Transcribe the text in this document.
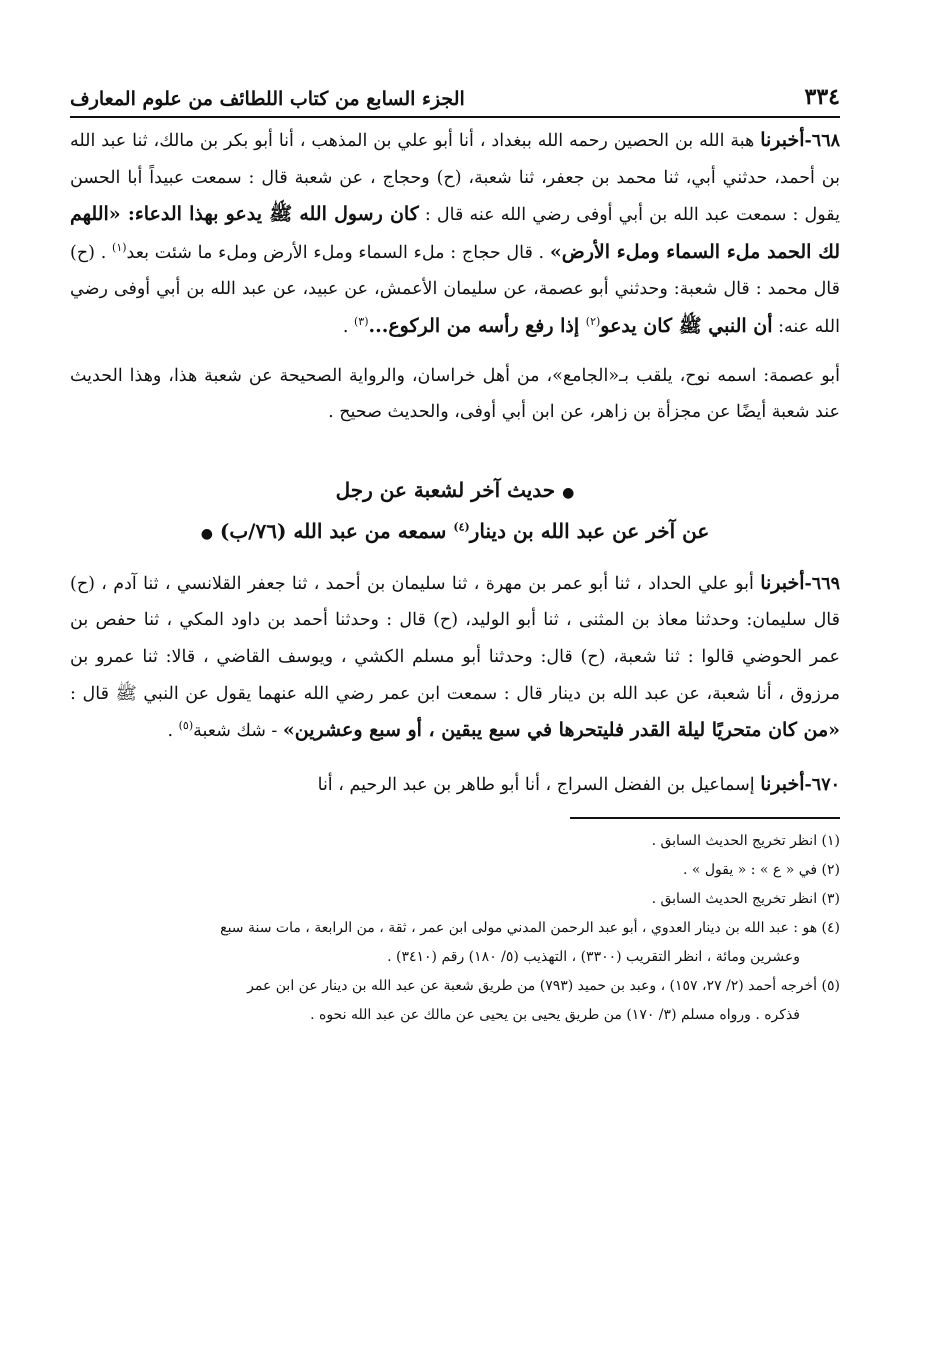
٣٣٤
الجزء السابع من كتاب اللطائف من علوم المعارف

٦٦٨-أخبرنا هبة الله بن الحصين رحمه الله ببغداد ، أنا أبو علي بن المذهب ، أنا أبو بكر بن مالك، ثنا عبد الله بن أحمد، حدثني أبي، ثنا محمد بن جعفر، ثنا شعبة، (ح) وحجاج ، عن شعبة قال : سمعت عبيداً أبا الحسن يقول : سمعت عبد الله بن أبي أوفى رضي الله عنه قال : كان رسول الله ﷺ يدعو بهذا الدعاء: «اللهم لك الحمد ملء السماء وملء الأرض» . قال حجاج : ملء السماء وملء الأرض وملء ما شئت بعد$^{(١)}$ . (ح) قال محمد : قال شعبة: وحدثني أبو عصمة، عن سليمان الأعمش، عن عبيد، عن عبد الله بن أبي أوفى رضي الله عنه: أن النبي ﷺ كان يدعو$^{(٢)}$ إذا رفع رأسه من الركوع...$^{(٣)}$ .

أبو عصمة: اسمه نوح، يلقب بـ«الجامع»، من أهل خراسان، والرواية الصحيحة عن شعبة هذا، وهذا الحديث عند شعبة أيضًا عن مجزأة بن زاهر، عن ابن أبي أوفى، والحديث صحيح .

● حديث آخر لشعبة عن رجل

عن آخر عن عبد الله بن دينار$^{(٤)}$ سمعه من عبد الله (٧٦/ب) ●

٦٦٩-أخبرنا أبو علي الحداد ، ثنا أبو عمر بن مهرة ، ثنا سليمان بن أحمد ، ثنا جعفر القلانسي ، ثنا آدم ، (ح) قال سليمان: وحدثنا معاذ بن المثنى ، ثنا أبو الوليد، (ح) قال : وحدثنا أحمد بن داود المكي ، ثنا حفص بن عمر الحوضي قالوا : ثنا شعبة، (ح) قال: وحدثنا أبو مسلم الكشي ، ويوسف القاضي ، قالا: ثنا عمرو بن مرزوق ، أنا شعبة، عن عبد الله بن دينار قال : سمعت ابن عمر رضي الله عنهما يقول عن النبي ﷺ قال : «من كان متحريًا ليلة القدر فليتحرها في سبع يبقين ، أو سبع وعشرين» - شك شعبة$^{(٥)}$ .

٦٧٠-أخبرنا إسماعيل بن الفضل السراج ، أنا أبو طاهر بن عبد الرحيم ، أنا

(١) انظر تخريج الحديث السابق .

(٢) في « ع » : « يقول » .

(٣) انظر تخريج الحديث السابق .

(٤) هو : عبد الله بن دينار العدوي ، أبو عبد الرحمن المدني مولى ابن عمر ، ثقة ، من الرابعة ، مات سنة سبع

وعشرين ومائة ، انظر التقريب (٣٣٠٠) ، التهذيب (٥/ ١٨٠) رقم (٣٤١٠) .

(٥) أخرجه أحمد (٢/ ٢٧، ١٥٧) ، وعبد بن حميد (٧٩٣) من طريق شعبة عن عبد الله بن دينار عن ابن عمر

فذكره . ورواه مسلم (٣/ ١٧٠) من طريق يحيى بن يحيى عن مالك عن عبد الله نحوه .
